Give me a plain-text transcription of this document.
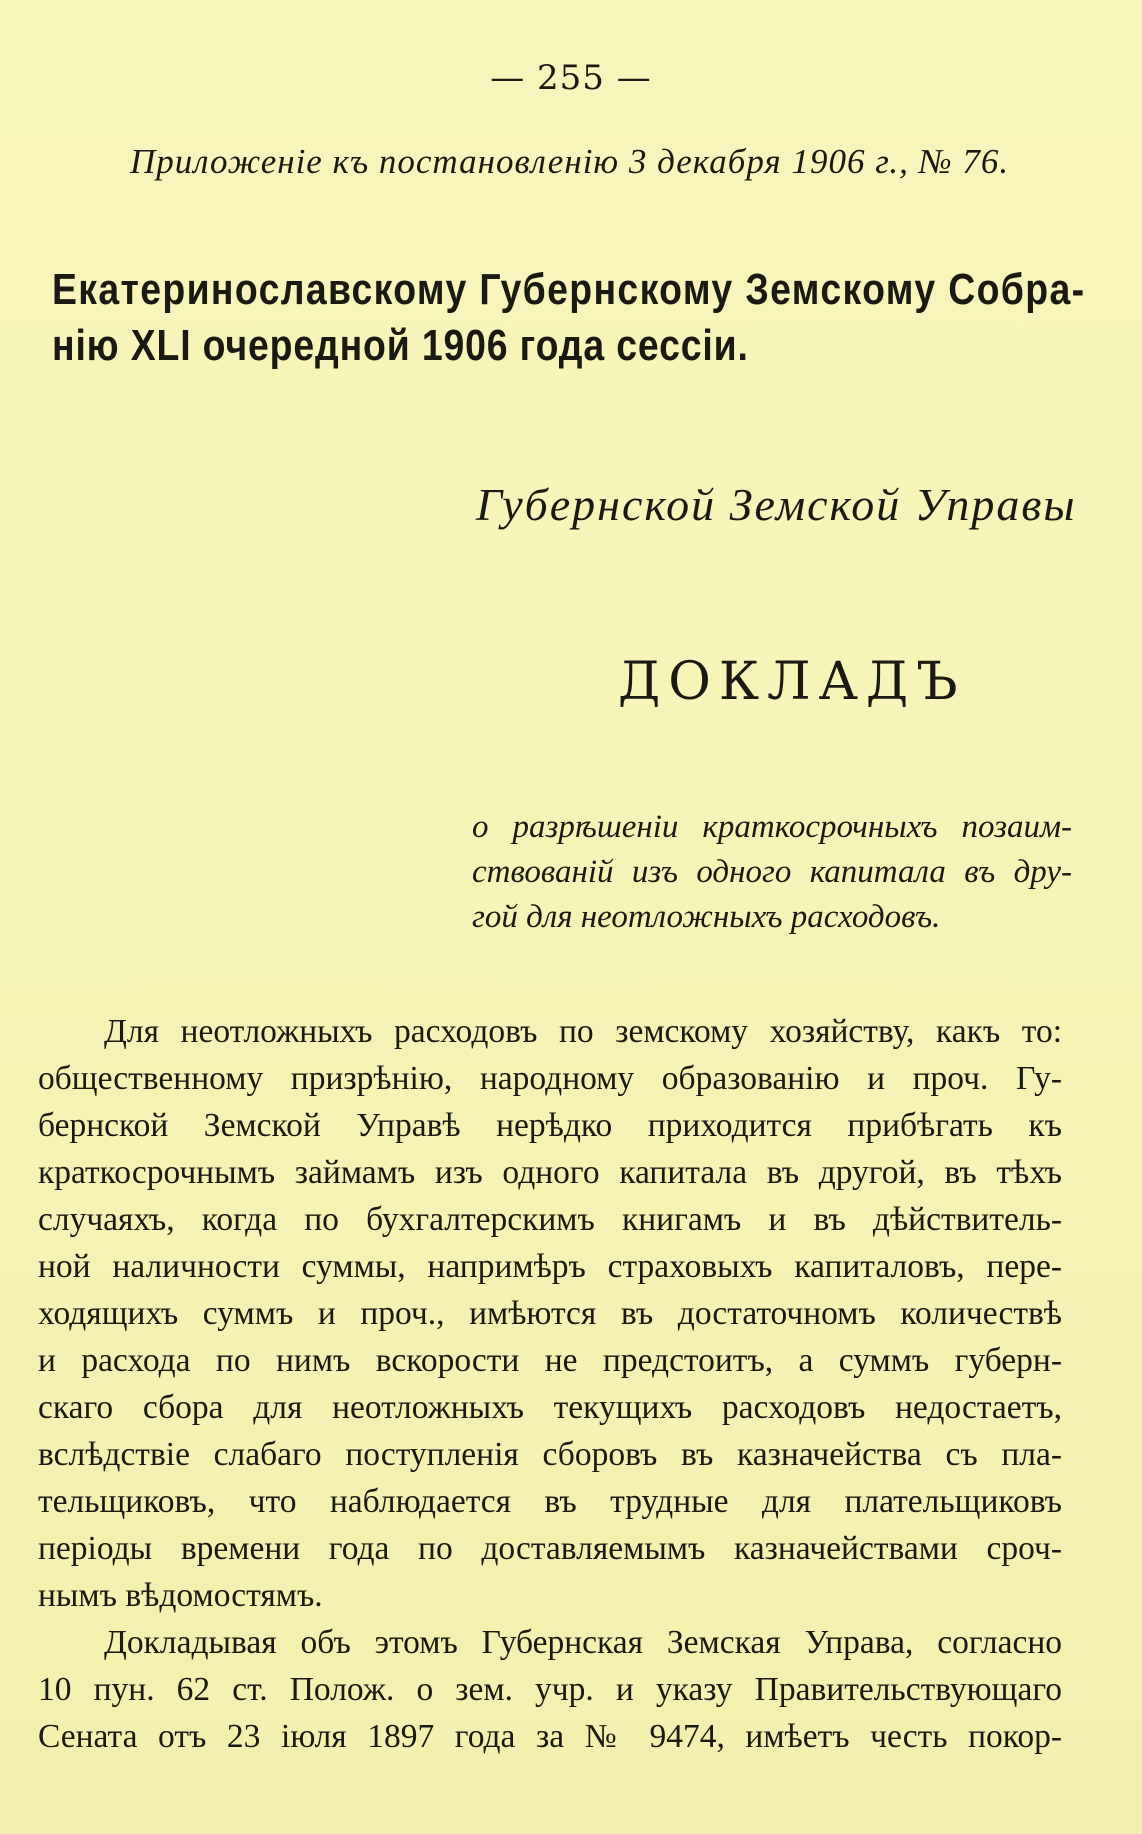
— 255 —
Приложеніе къ постановленію 3 декабря 1906 г., № 76.
Екатеринославскому Губернскому Земскому Собра-
нію XLI очередной 1906 года сессіи.
Губернской Земской Управы
ДОКЛАДЪ
о разрѣшеніи краткосрочныхъ позаим-
ствованій изъ одного капитала въ дру-
гой для неотложныхъ расходовъ.
Для неотложныхъ расходовъ по земскому хозяйству, какъ то:
общественному призрѣнію, народному образованію и проч. Гу-
бернской Земской Управѣ нерѣдко приходится прибѣгать къ
краткосрочнымъ займамъ изъ одного капитала въ другой, въ тѣхъ
случаяхъ, когда по бухгалтерскимъ книгамъ и въ дѣйствитель-
ной наличности суммы, напримѣръ страховыхъ капиталовъ, пере-
ходящихъ суммъ и проч., имѣются въ достаточномъ количествѣ
и расхода по нимъ вскорости не предстоитъ, а суммъ губерн-
скаго сбора для неотложныхъ текущихъ расходовъ недостаетъ,
вслѣдствіе слабаго поступленія сборовъ въ казначейства съ пла-
тельщиковъ, что наблюдается въ трудные для плательщиковъ
періоды времени года по доставляемымъ казначействами сроч-
нымъ вѣдомостямъ.
Докладывая объ этомъ Губернская Земская Управа, согласно
10 пун. 62 ст. Полож. о зем. учр. и указу Правительствующаго
Сената отъ 23 іюля 1897 года за № 9474, имѣетъ честь покор-
